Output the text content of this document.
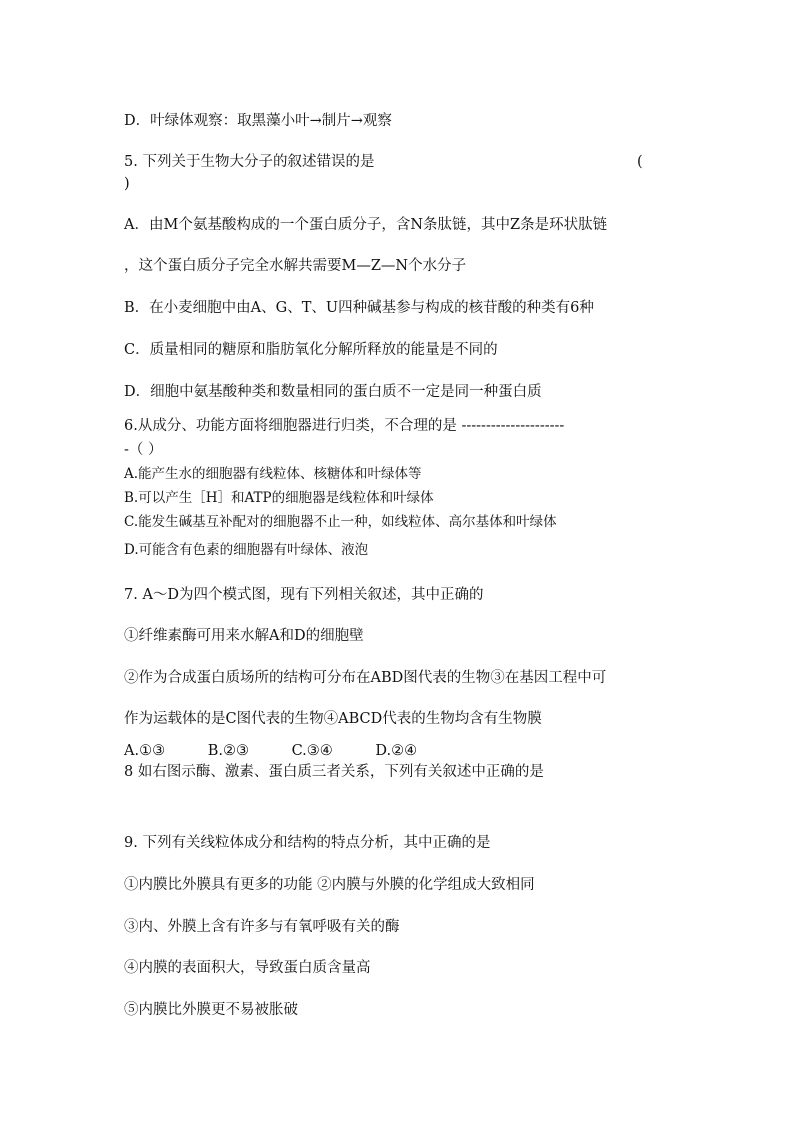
D．叶绿体观察：取黑藻小叶→制片→观察
5. 下列关于生物大分子的叙述错误的是	(
)
A．由M个氨基酸构成的一个蛋白质分子，含N条肽链，其中Z条是环状肽链
，这个蛋白质分子完全水解共需要M—Z—N个水分子
B．在小麦细胞中由A、G、T、U四种碱基参与构成的核苷酸的种类有6种
C．质量相同的糖原和脂肪氧化分解所释放的能量是不同的
D．细胞中氨基酸种类和数量相同的蛋白质不一定是同一种蛋白质
6.从成分、功能方面将细胞器进行归类，不合理的是 ---------------------
-（ ）
A.能产生水的细胞器有线粒体、核糖体和叶绿体等
B.可以产生［H］和ATP的细胞器是线粒体和叶绿体
C.能发生碱基互补配对的细胞器不止一种，如线粒体、高尔基体和叶绿体
D.可能含有色素的细胞器有叶绿体、液泡
7. A～D为四个模式图，现有下列相关叙述，其中正确的
①纤维素酶可用来水解A和D的细胞壁
②作为合成蛋白质场所的结构可分布在ABD图代表的生物③在基因工程中可
作为运载体的是C图代表的生物④ABCD代表的生物均含有生物膜
A.①③	B.②③	C.③④	D.②④
8 如右图示酶、激素、蛋白质三者关系，下列有关叙述中正确的是
9. 下列有关线粒体成分和结构的特点分析，其中正确的是
①内膜比外膜具有更多的功能 ②内膜与外膜的化学组成大致相同
③内、外膜上含有许多与有氧呼吸有关的酶
④内膜的表面积大，导致蛋白质含量高
⑤内膜比外膜更不易被胀破
